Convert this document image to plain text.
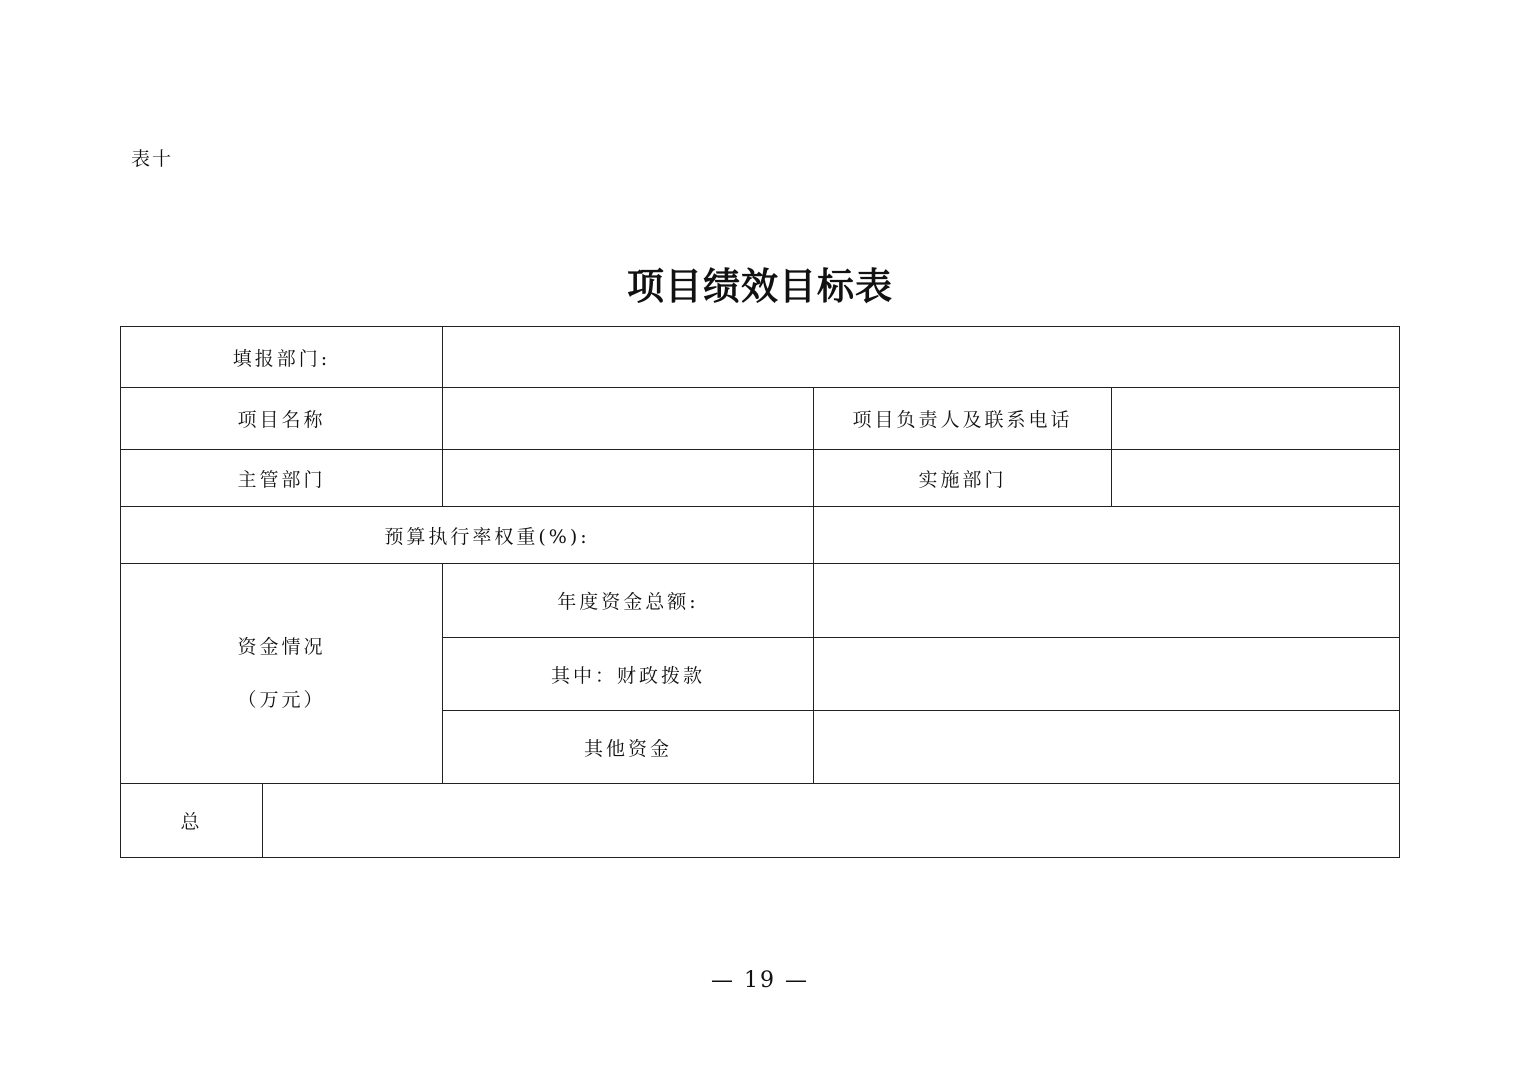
表十
项目绩效目标表
填报部门:				
项目名称			项目负责人及联系电话	
主管部门			实施部门	
预算执行率权重(%):				

资金情况
（万元）		年度资金总额:		
		其中：财政拨款		
		其他资金		
总				
— 19 —
